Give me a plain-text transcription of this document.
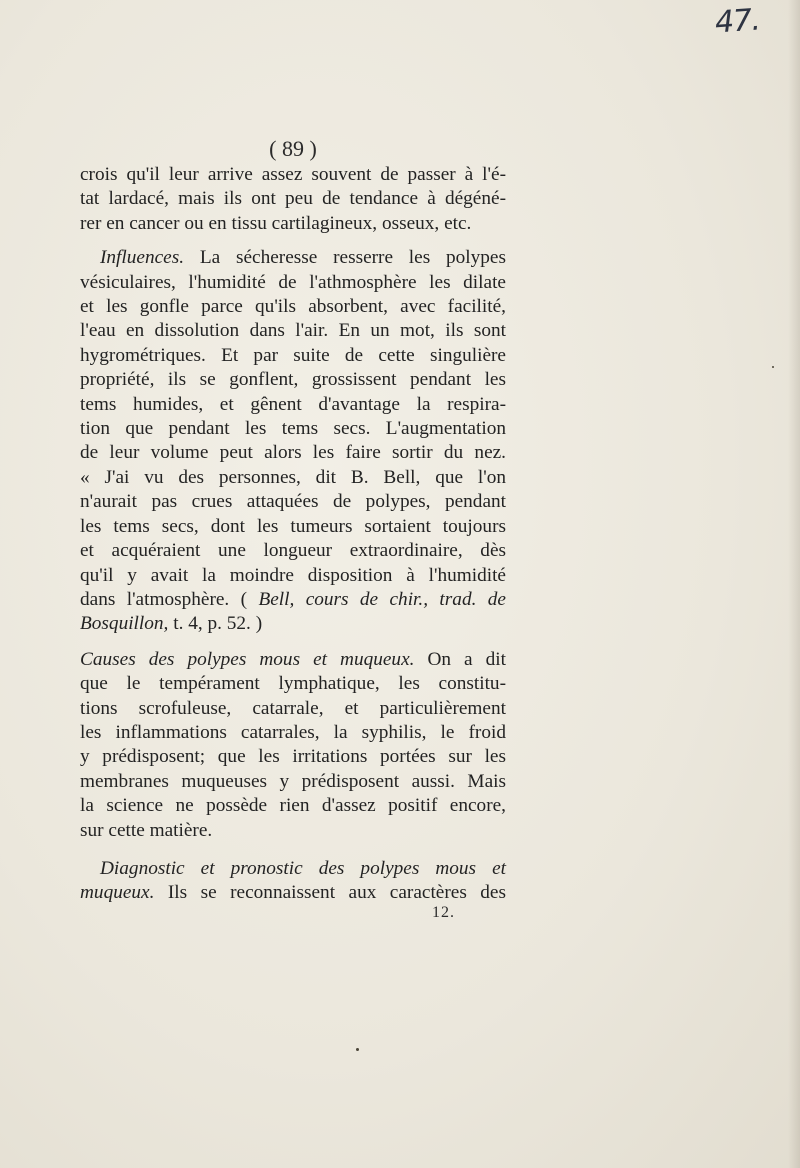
47.
( 89 )

crois qu'il leur arrive assez souvent de passer à l'é-

tat lardacé, mais ils ont peu de tendance à dégéné-

rer en cancer ou en tissu cartilagineux, osseux, etc.

Influences. La sécheresse resserre les polypes

vésiculaires, l'humidité de l'athmosphère les dilate

et les gonfle parce qu'ils absorbent, avec facilité,

l'eau en dissolution dans l'air. En un mot, ils sont

hygrométriques. Et par suite de cette singulière

propriété, ils se gonflent, grossissent pendant les

tems humides, et gênent d'avantage la respira-

tion que pendant les tems secs. L'augmentation

de leur volume peut alors les faire sortir du nez.

« J'ai vu des personnes, dit B. Bell, que l'on

n'aurait pas crues attaquées de polypes, pendant

les tems secs, dont les tumeurs sortaient toujours

et acquéraient une longueur extraordinaire, dès

qu'il y avait la moindre disposition à l'humidité

dans l'atmosphère. ( Bell, cours de chir., trad. de

Bosquillon, t. 4, p. 52. )

Causes des polypes mous et muqueux. On a dit

que le tempérament lymphatique, les constitu-

tions scrofuleuse, catarrale, et particulièrement

les inflammations catarrales, la syphilis, le froid

y prédisposent; que les irritations portées sur les

membranes muqueuses y prédisposent aussi. Mais

la science ne possède rien d'assez positif encore,

sur cette matière.

Diagnostic et pronostic des polypes mous et

muqueux. Ils se reconnaissent aux caractères des

12.
